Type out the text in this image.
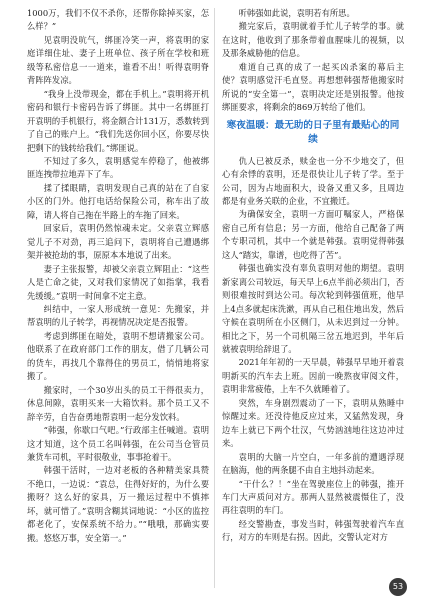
1000万，我们不仅不杀你，还帮你除掉买家，怎么样？”

见袁明没吭气，绑匪冷笑一声，将袁明的家庭详细住址、妻子上班单位、孩子所在学校和班级等私密信息一一道来，谁看不出！听得袁明脊背阵阵发凉。

“我身上没带现金，都在手机上。”袁明将开机密码和银行卡密码告诉了绑匪。其中一名绑匪打开袁明的手机银行，将金额合计131万，悉数转到了自己的账户上。“我们先送你回小区，你要尽快把剩下的钱转给我们。”绑匪说。

不知过了多久，袁明感觉车停稳了，他被绑匪连拽带拉地弄下了车。

揉了揉眼睛，袁明发现自己真的站在了自家小区的门外。他打电话给保险公司，称车出了故障，请人将自己拖在半路上的车拖了回来。

回家后，袁明仍然惊魂未定。父亲袁立辉感觉儿子不对劲，再三追问下，袁明将自己遭遇绑架并被抢劫的事，原原本本地说了出来。

妻子主张报警，却被父亲袁立辉阻止：“这些人是亡命之徒，又对我们家情况了如指掌，我看先缓缓。”袁明一时间拿不定主意。

纠结中，一家人形成统一意见：先搬家，并帮袁明的儿子转学，再视情况决定是否报警。

考虑到绑匪在暗处，袁明不想请搬家公司。他联系了在政府部门工作的朋友，借了几辆公司的货车，再找几个靠得住的男员工，悄悄地将家搬了。

搬家时，一个30岁出头的员工干得很卖力，休息间隙，袁明买来一大箱饮料。那个员工又不辞辛劳，自告奋勇地帮袁明一起分发饮料。

“韩强，你歇口气吧。”行政部主任喊道。袁明这才知道，这个员工名叫韩强，在公司当仓管员兼货车司机，平时很敬业，事事抢着干。

韩强干活时，一边对老板的各种精美家具赞不绝口，一边说：“袁总，住得好好的，为什么要搬呀？这么好的家具，万一搬运过程中不慎摔坏，就可惜了。”袁明含糊其词地说：“小区的监控都老化了，安保系统不给力。”“哦哦，那确实要搬。悠悠万事，安全第一。”

听韩强如此说，袁明若有所思。

搬完家后，袁明就着手忙儿子转学的事。就在这时，他收到了那条带着血腥味儿的视频，以及那条威胁他的信息。

难道自己真的成了一起买凶杀案的幕后主使？袁明感觉汗毛直竖。再想想韩强帮他搬家时所说的“安全第一”，袁明决定还是别报警。他按绑匪要求，将剩余的869万转给了他们。

寒夜温暖：最无助的日子里有最贴心的同续

仇人已被反杀，赎金也一分不少地交了，但心有余悸的袁明，还是很快让儿子转了学。至于公司，因为占地面积大，设备又重又多，且周边都是有业务关联的企业，不宜搬迁。

为确保安全，袁明一方面叮嘱家人，严格保密自己所有信息；另一方面，他给自己配备了两个专职司机，其中一个就是韩强。袁明觉得韩强这人“踏实，靠谱，也吃得了苦”。

韩强也确实没有辜负袁明对他的期望。袁明新家离公司较远，每天早上6点半前必须出门，否则很难按时到达公司。每次轮到韩强值班，他早上4点多就起床洗漱，再从自己租住地出发，然后守候在袁明所在小区侧门，从未迟到过一分钟。相比之下，另一个司机隔三岔五地迟到，半年后就被袁明给辞退了。

2021年年初的一天早晨，韩强早早地开着袁明新买的汽车去上班。因前一晚熬夜审阅文件，袁明非常疲倦，上车不久就睡着了。

突然，车身剧烈震动了一下，袁明从熟睡中惊醒过来。还没待他反应过来，又猛然发现，身边车上就已下两个壮汉，气势汹汹地往这边冲过来。

袁明的大脑一片空白，一年多前的遭遇浮现在脑海，他的两条腿不由自主地抖动起来。

“干什么？！”坐在驾驶座位上的韩强，推开车门大声质问对方。那两人显然被震慑住了，没再往袁明的车门。

经交警勘查，事发当时，韩强驾驶着汽车直行，对方的车则是右拐。因此，交警认定对方

53
